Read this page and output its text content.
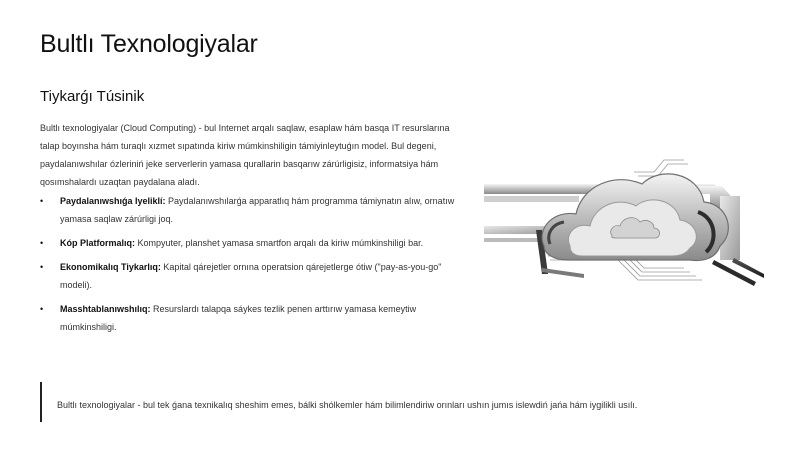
Bultlı Texnologiyalar
Tiykarǵı Túsinik
Bultlı texnologiyalar (Cloud Computing) - bul Internet arqalı saqlaw, esaplaw hám basqa IT resurslarına talap boyınsha hám turaqlı xızmet sıpatında kiriw múmkinshiligin támiyinleytuǵın model. Bul degeni, paydalanıwshılar ózleriniń jeke serverlerin yamasa qurallarin basqarıw zárúrligisiz, informatsiya hám qosımshalardı uzaqtan paydalana aladı.
• Paydalanıwshıǵa Iyeliklí: Paydalanıwshılarǵa apparatlıq hám programma támiynatın alıw, ornatıw yamasa saqlaw zárúrligi joq.
• Kóp Platformalıq: Kompyuter, planshet yamasa smartfon arqalı da kiriw múmkinshiligi bar.
• Ekonomikalıq Tiykarlıq: Kapital qárejetler ornına operatsion qárejetlerge ótiw ("pay-as-you-go" modeli).
• Masshtablanıwshılıq: Resurslardı talapqa sáykes tezlik penen arttırıw yamasa kemeytiw múmkinshiligi.
Bultlı texnologiyalar - bul tek ǵana texnikalıq sheshim emes, bálki shólkemler hám bilimlendiriw orınları ushın jumıs islewdiń jańa hám iygilikli usılı.
